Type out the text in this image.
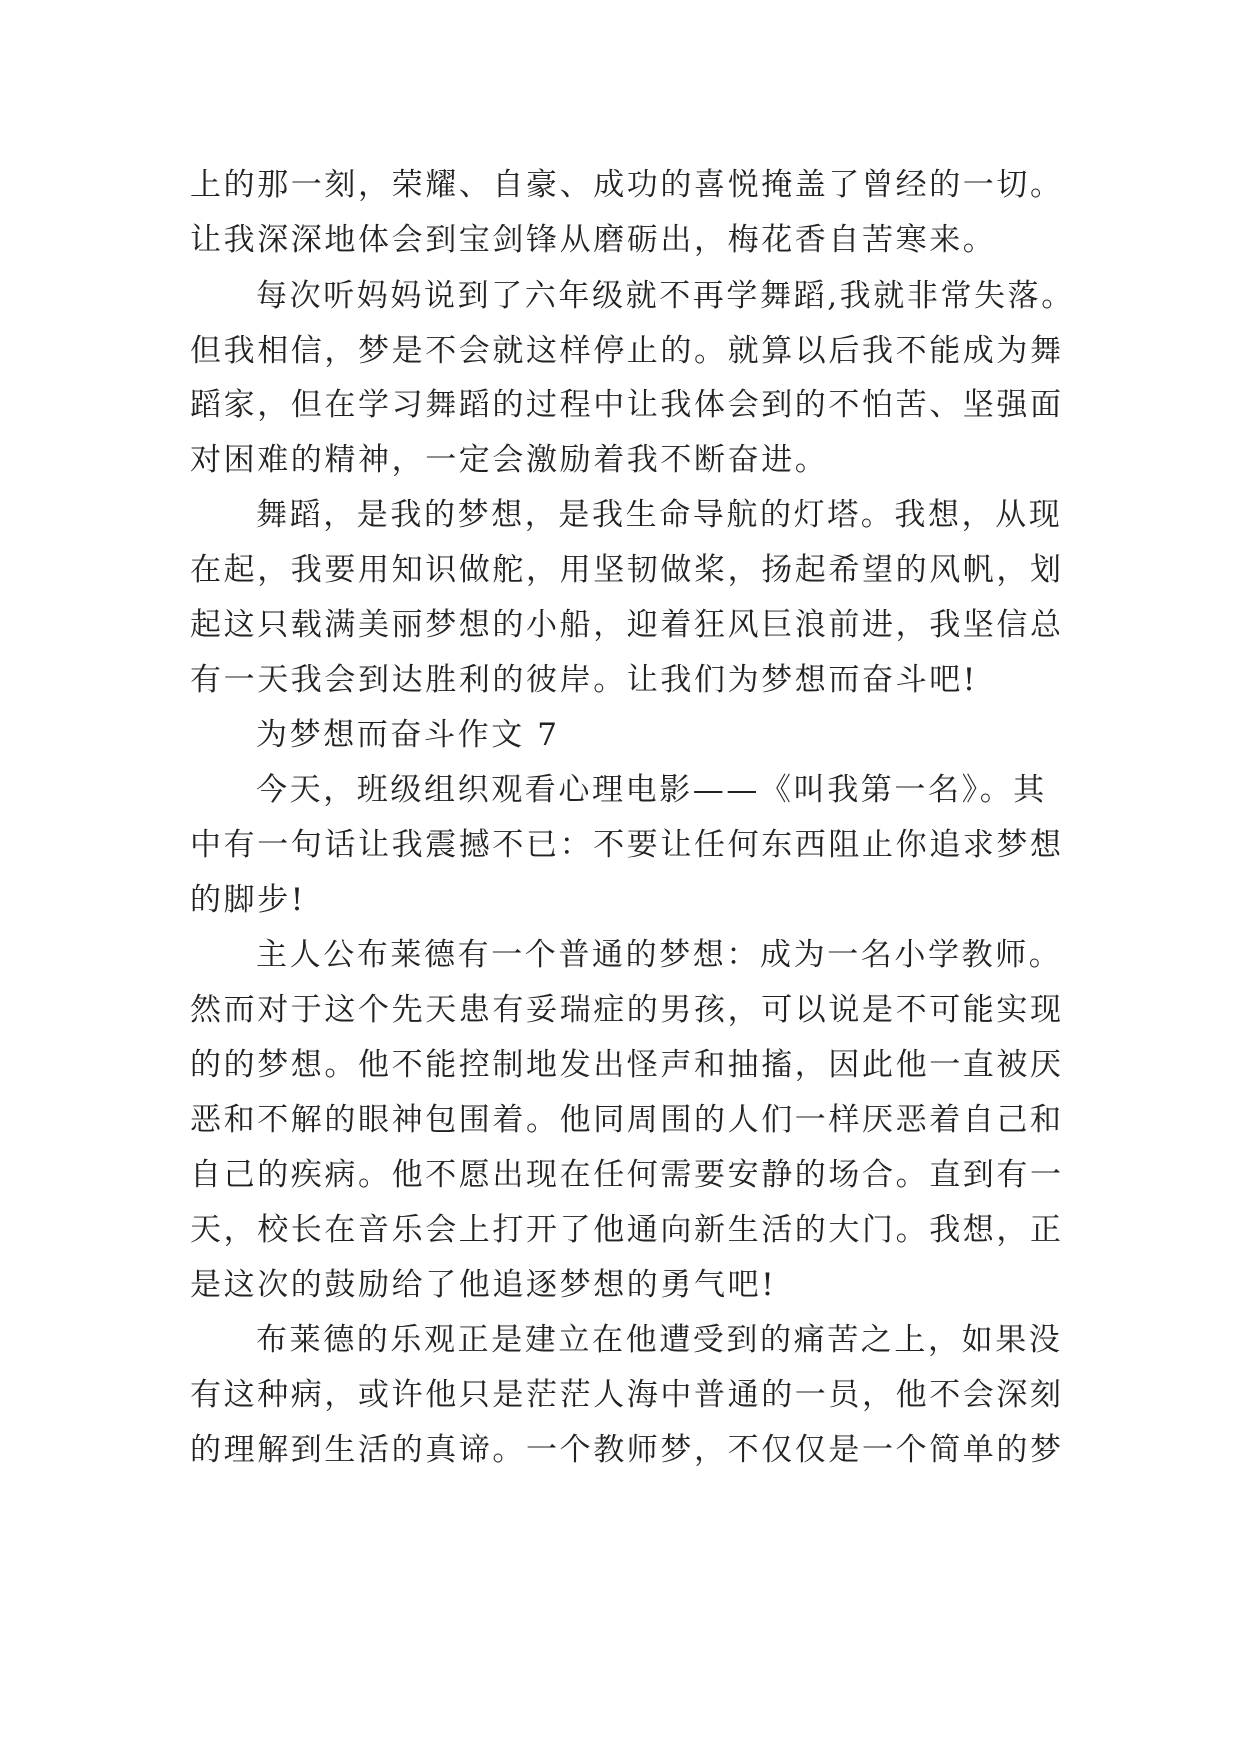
上的那一刻，荣耀、自豪、成功的喜悦掩盖了曾经的一切。
让我深深地体会到宝剑锋从磨砺出，梅花香自苦寒来。
每次听妈妈说到了六年级就不再学舞蹈,我就非常失落。
但我相信，梦是不会就这样停止的。就算以后我不能成为舞
蹈家，但在学习舞蹈的过程中让我体会到的不怕苦、坚强面
对困难的精神，一定会激励着我不断奋进。
舞蹈，是我的梦想，是我生命导航的灯塔。我想，从现
在起，我要用知识做舵，用坚韧做桨，扬起希望的风帆，划
起这只载满美丽梦想的小船，迎着狂风巨浪前进，我坚信总
有一天我会到达胜利的彼岸。让我们为梦想而奋斗吧!
为梦想而奋斗作文 7
今天，班级组织观看心理电影——《叫我第一名》。其
中有一句话让我震撼不已：不要让任何东西阻止你追求梦想
的脚步!
主人公布莱德有一个普通的梦想：成为一名小学教师。
然而对于这个先天患有妥瑞症的男孩，可以说是不可能实现
的的梦想。他不能控制地发出怪声和抽搐，因此他一直被厌
恶和不解的眼神包围着。他同周围的人们一样厌恶着自己和
自己的疾病。他不愿出现在任何需要安静的场合。直到有一
天，校长在音乐会上打开了他通向新生活的大门。我想，正
是这次的鼓励给了他追逐梦想的勇气吧!
布莱德的乐观正是建立在他遭受到的痛苦之上，如果没
有这种病，或许他只是茫茫人海中普通的一员，他不会深刻
的理解到生活的真谛。一个教师梦，不仅仅是一个简单的梦
